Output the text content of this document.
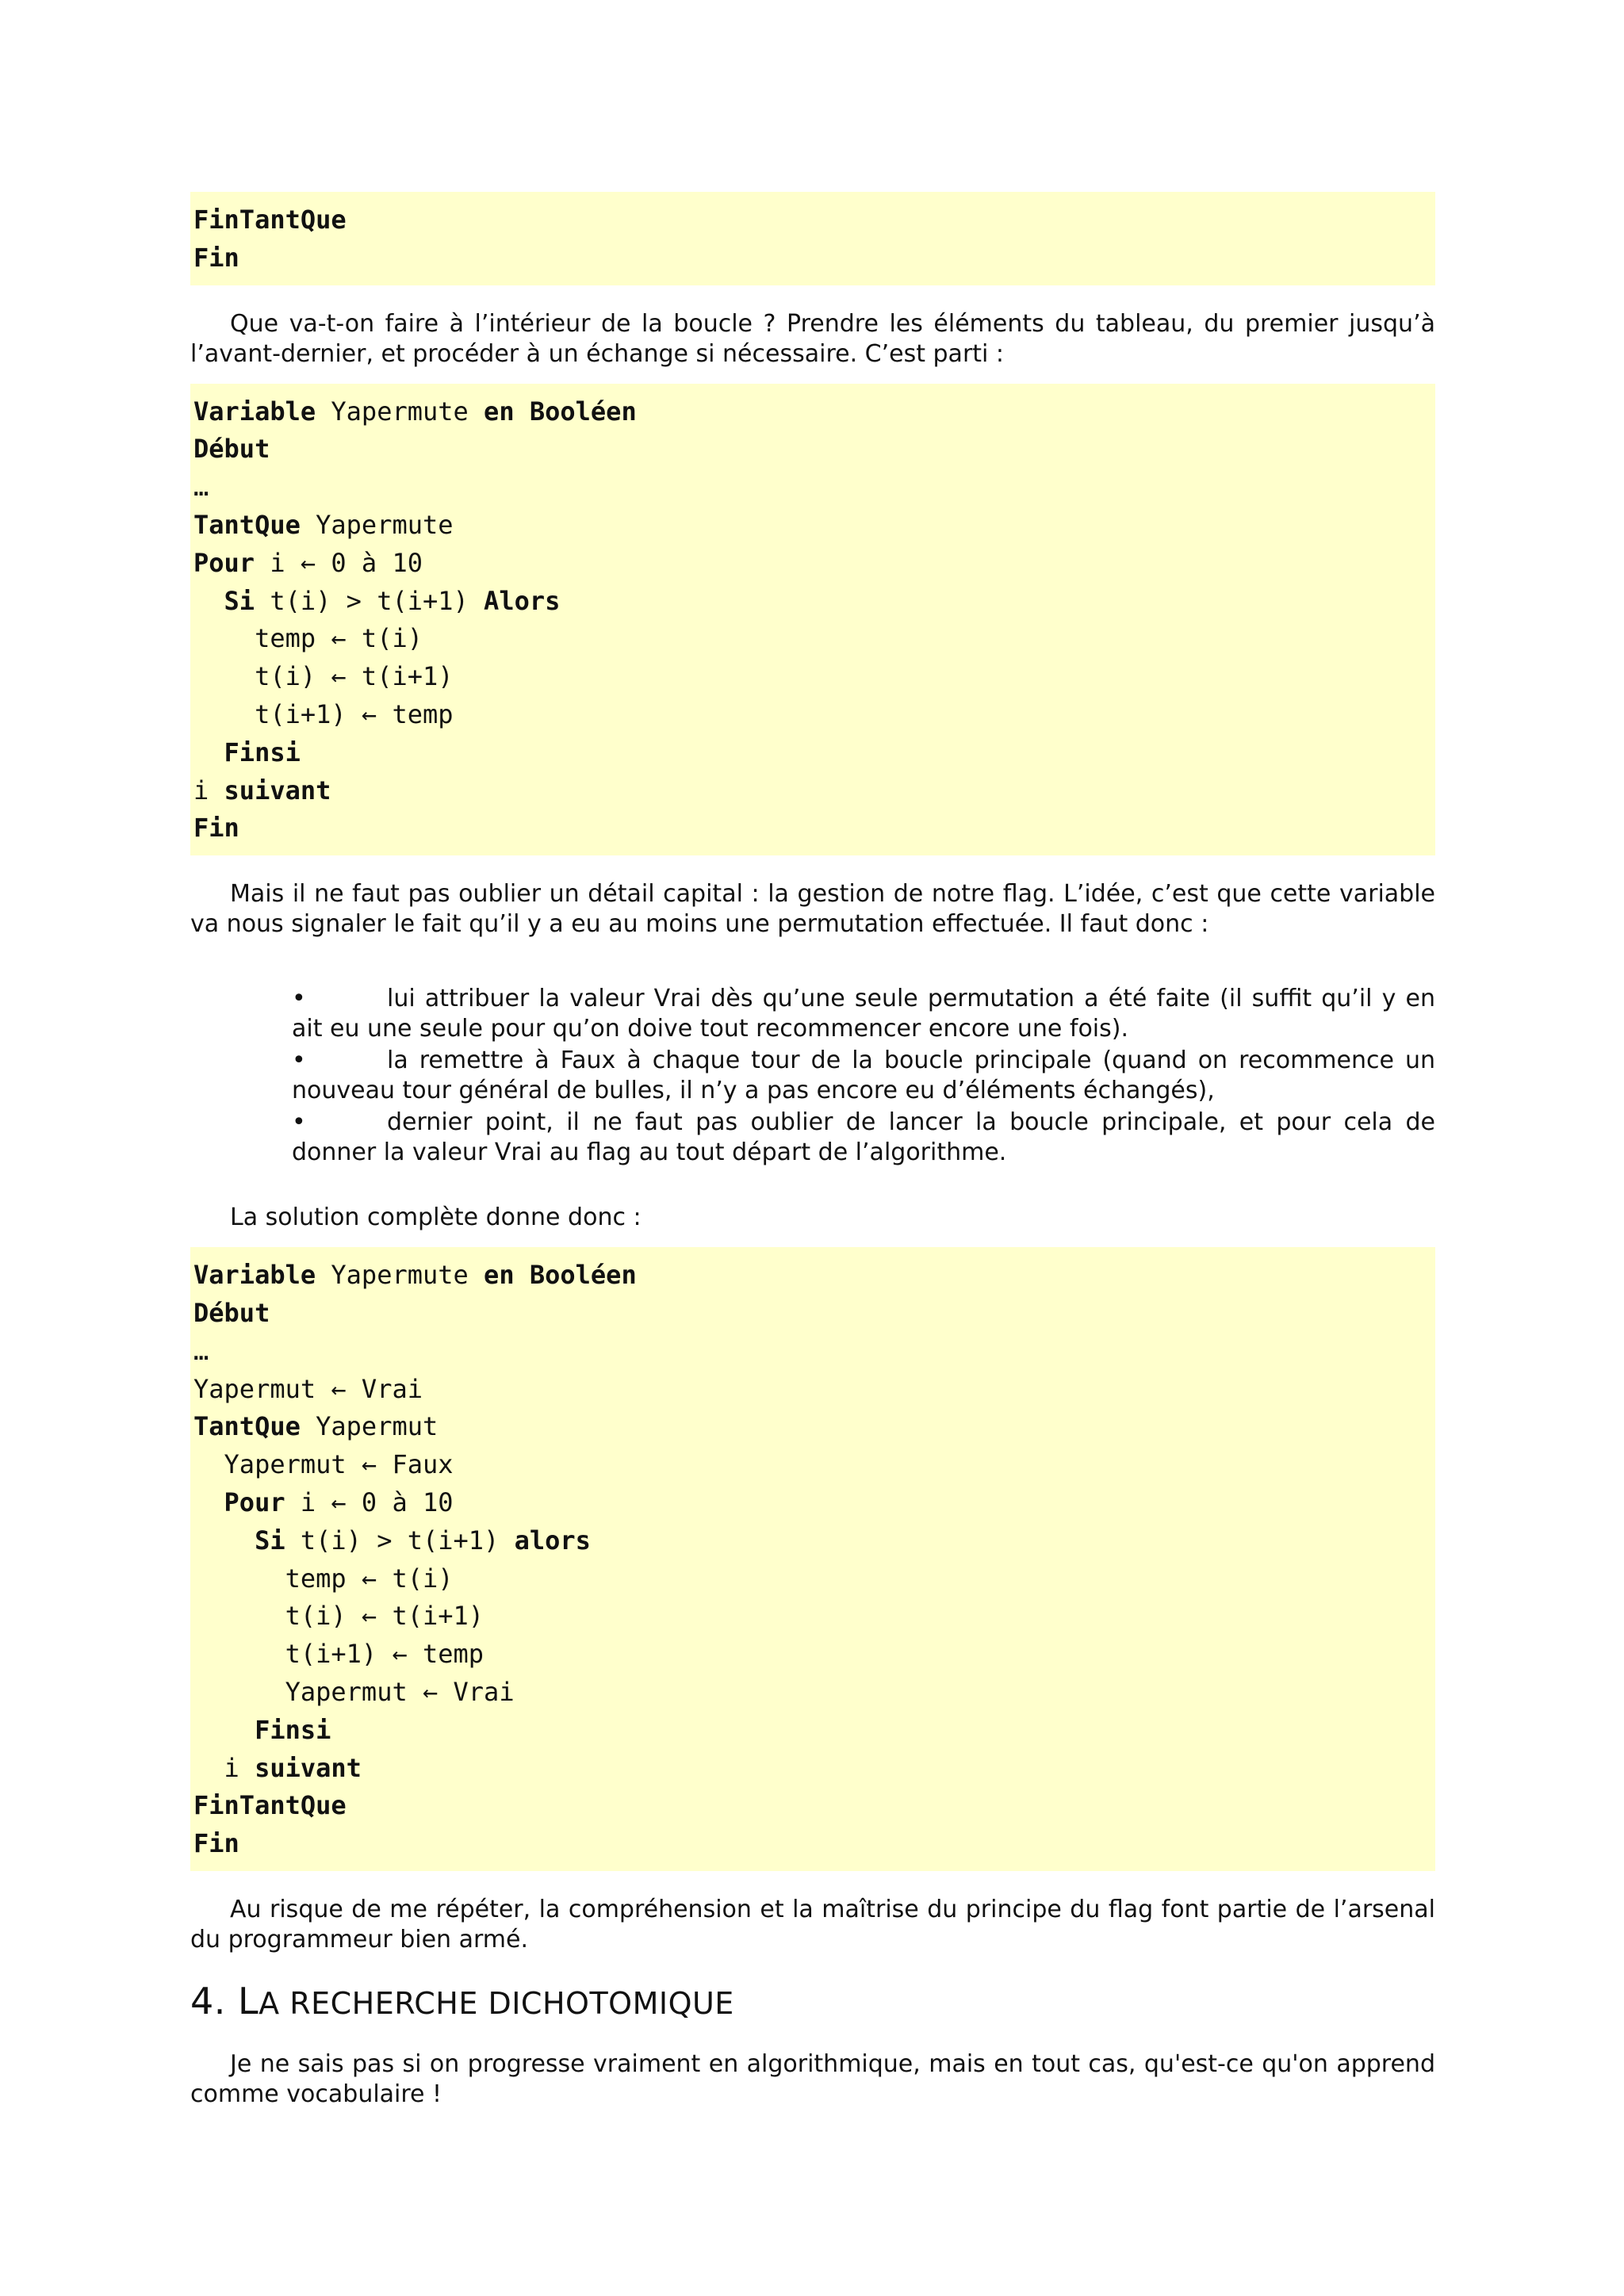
FinTantQue
Fin

Que va-t-on faire à l’intérieur de la boucle ? Prendre les éléments du tableau, du premier jusqu’à l’avant-dernier, et procéder à un échange si nécessaire. C’est parti :

Variable Yapermute en Booléen
Début
…
TantQue Yapermute
Pour i ← 0 à 10
Si t(i) > t(i+1) Alors
temp ← t(i)
t(i) ← t(i+1)
t(i+1) ← temp
Finsi
i suivant
Fin

Mais il ne faut pas oublier un détail capital : la gestion de notre flag. L’idée, c’est que cette variable va nous signaler le fait qu’il y a eu au moins une permutation effectuée. Il faut donc :

•	lui attribuer la valeur Vrai dès qu’une seule permutation a été faite (il suffit qu’il y en ait eu une seule pour qu’on doive tout recommencer encore une fois).
•	la remettre à Faux à chaque tour de la boucle principale (quand on recommence un nouveau tour général de bulles, il n’y a pas encore eu d’éléments échangés),
•	dernier point, il ne faut pas oublier de lancer la boucle principale, et pour cela de donner la valeur Vrai au flag au tout départ de l’algorithme.

La solution complète donne donc :

Variable Yapermute en Booléen
Début
…
Yapermut ← Vrai
TantQue Yapermut
Yapermut ← Faux
Pour i ← 0 à 10
Si t(i) > t(i+1) alors
temp ← t(i)
t(i) ← t(i+1)
t(i+1) ← temp
Yapermut ← Vrai
Finsi
i suivant
FinTantQue
Fin

Au risque de me répéter, la compréhension et la maîtrise du principe du flag font partie de l’arsenal du programmeur bien armé.

4. LA RECHERCHE DICHOTOMIQUE

Je ne sais pas si on progresse vraiment en algorithmique, mais en tout cas, qu'est-ce qu'on apprend comme vocabulaire !
